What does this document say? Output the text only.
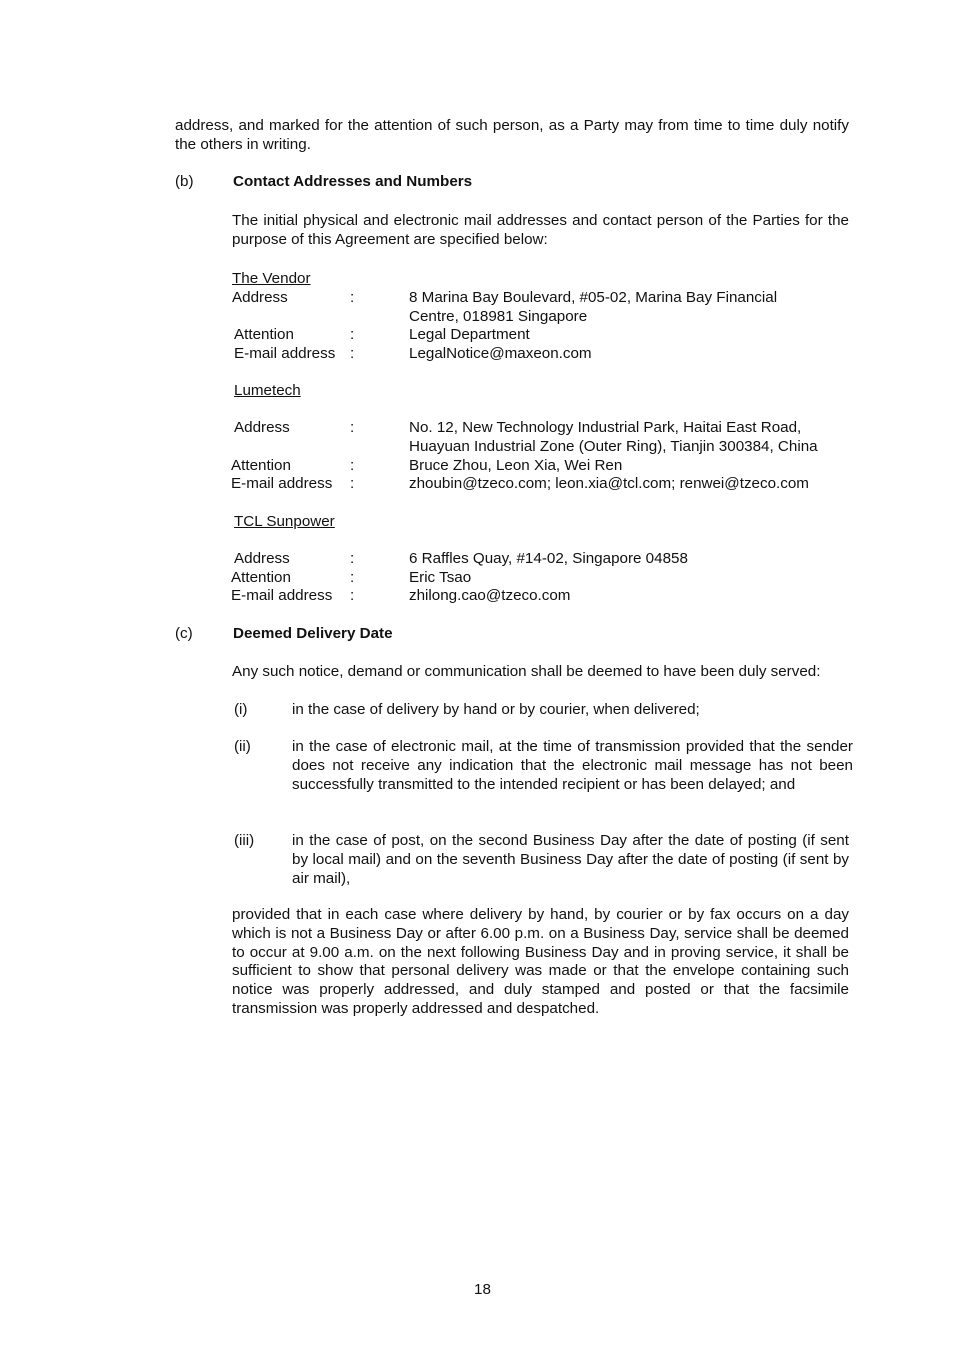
address, and marked for the attention of such person, as a Party may from time to time duly notify the others in writing.
(b)	Contact Addresses and Numbers
The initial physical and electronic mail addresses and contact person of the Parties for the purpose of this Agreement are specified below:
The Vendor
Address	:	8 Marina Bay Boulevard, #05-02, Marina Bay Financial
Centre, 018981 Singapore
Attention	:	Legal Department
E-mail address :	LegalNotice@maxeon.com
Lumetech
Address	:	No. 12, New Technology Industrial Park, Haitai East Road,
Huayuan Industrial Zone (Outer Ring), Tianjin 300384, China
Attention	:	Bruce Zhou, Leon Xia, Wei Ren
E-mail address :	zhoubin@tzeco.com; leon.xia@tcl.com; renwei@tzeco.com
TCL Sunpower
Address	:	6 Raffles Quay, #14-02, Singapore 04858
Attention	:	Eric Tsao
E-mail address :	zhilong.cao@tzeco.com
(c)	Deemed Delivery Date
Any such notice, demand or communication shall be deemed to have been duly served:
(i)	in the case of delivery by hand or by courier, when delivered;
(ii)	in the case of electronic mail, at the time of transmission provided that the sender does not receive any indication that the electronic mail message has not been successfully transmitted to the intended recipient or has been delayed; and
(iii) in the case of post, on the second Business Day after the date of posting (if sent by local mail) and on the seventh Business Day after the date of posting (if sent by air mail),
provided that in each case where delivery by hand, by courier or by fax occurs on a day which is not a Business Day or after 6.00 p.m. on a Business Day, service shall be deemed to occur at 9.00 a.m. on the next following Business Day and in proving service, it shall be sufficient to show that personal delivery was made or that the envelope containing such notice was properly addressed, and duly stamped and posted or that the facsimile transmission was properly addressed and despatched.
18
